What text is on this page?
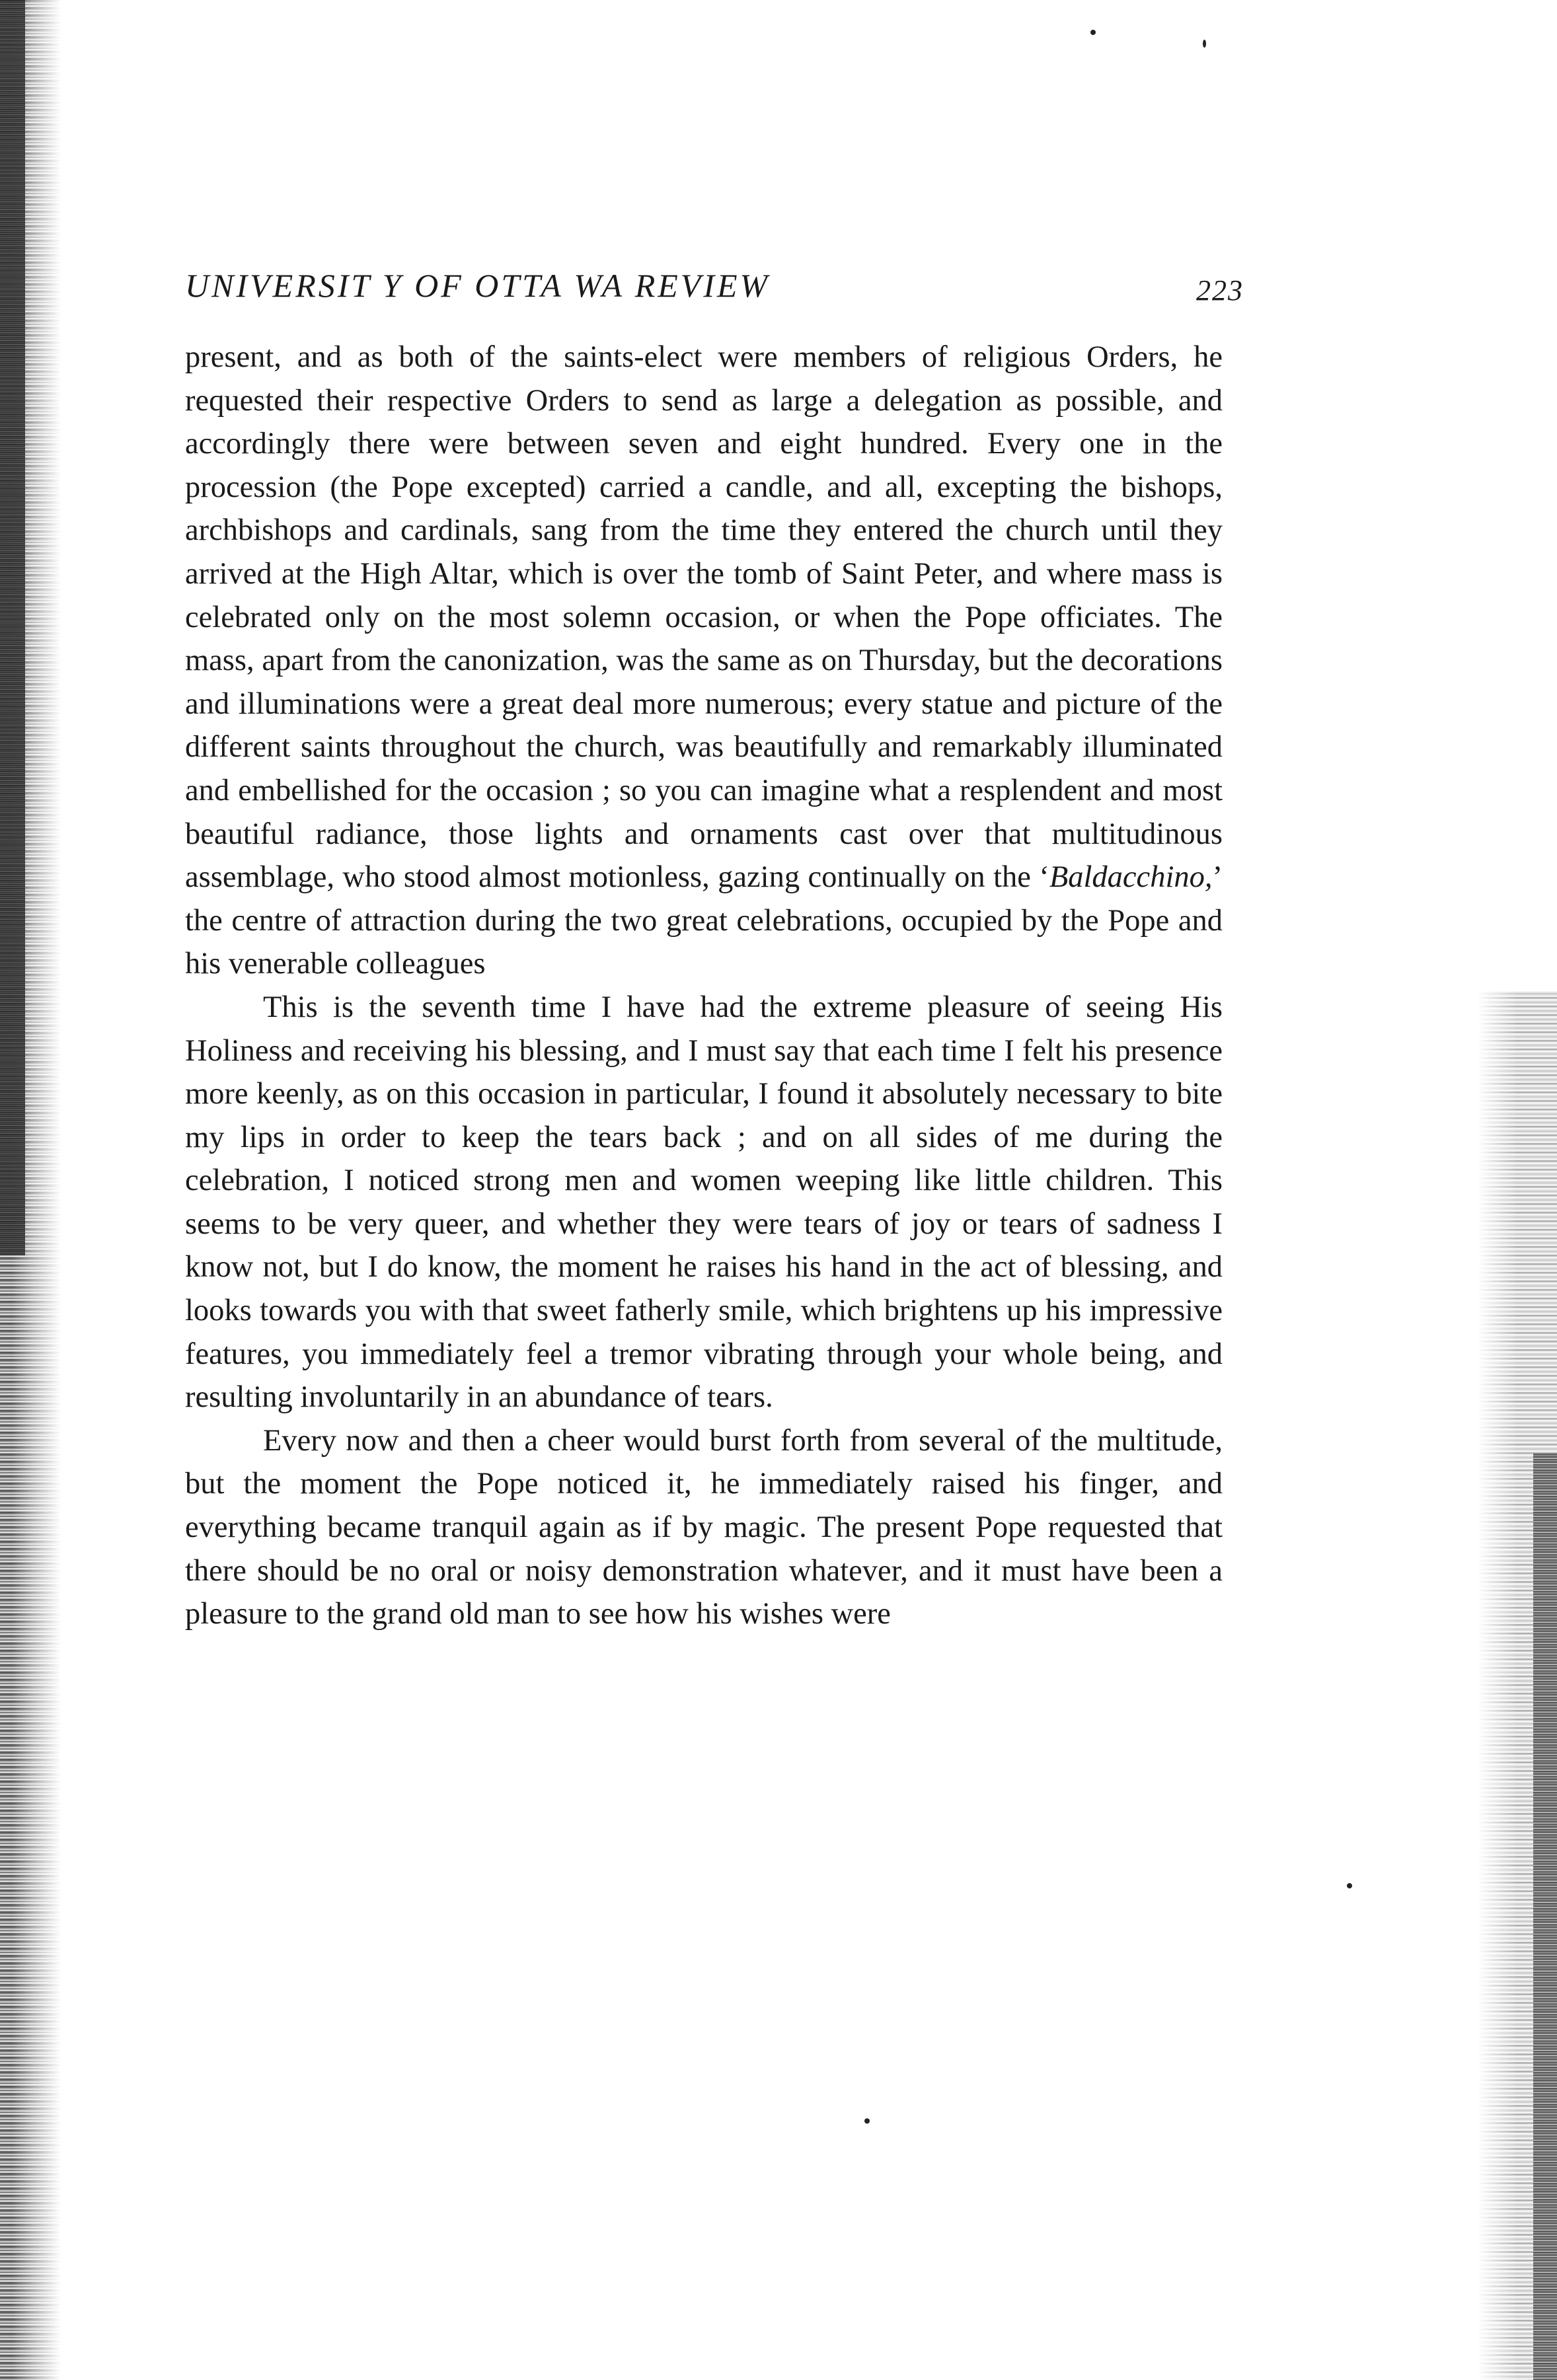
UNIVERSIT Y OF OTTA WA REVIEW	223

present, and as both of the saints-elect were members of religious Orders, he requested their respective Orders to send as large a delegation as possible, and accordingly there were between seven and eight hundred. Every one in the procession (the Pope excepted) carried a candle, and all, excepting the bishops, archbishops and cardinals, sang from the time they entered the church until they arrived at the High Altar, which is over the tomb of Saint Peter, and where mass is celebrated only on the most solemn occasion, or when the Pope officiates. The mass, apart from the canonization, was the same as on Thursday, but the decorations and illuminations were a great deal more numerous; every statue and picture of the different saints throughout the church, was beautifully and remarkably illuminated and embellished for the occasion ; so you can imagine what a resplendent and most beautiful radiance, those lights and ornaments cast over that multitudinous assemblage, who stood almost motionless, gazing continually on the ‘Baldacchino,’ the centre of attraction during the two great celebrations, occupied by the Pope and his venerable colleagues

This is the seventh time I have had the extreme pleasure of seeing His Holiness and receiving his blessing, and I must say that each time I felt his presence more keenly, as on this occasion in particular, I found it absolutely necessary to bite my lips in order to keep the tears back ; and on all sides of me during the celebration, I noticed strong men and women weeping like little children. This seems to be very queer, and whether they were tears of joy or tears of sadness I know not, but I do know, the moment he raises his hand in the act of blessing, and looks towards you with that sweet fatherly smile, which brightens up his impressive features, you immediately feel a tremor vibrating through your whole being, and resulting involuntarily in an abundance of tears.

Every now and then a cheer would burst forth from several of the multitude, but the moment the Pope noticed it, he immediately raised his finger, and everything became tranquil again as if by magic. The present Pope requested that there should be no oral or noisy demonstration whatever, and it must have been a pleasure to the grand old man to see how his wishes were
